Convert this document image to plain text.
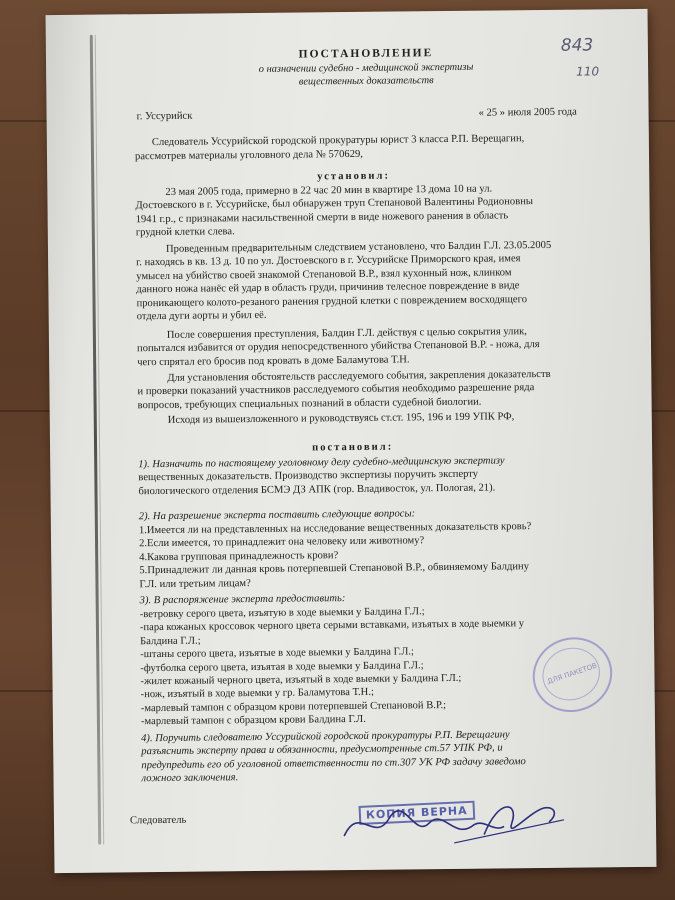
843
110
ПОСТАНОВЛЕНИЕ
о назначении судебно - медицинской экспертизы
вещественных доказательств
г. Уссурийск	« 25 » июля 2005 года
Следователь Уссурийской городской прокуратуры юрист 3 класса Р.П. Верещагин,
рассмотрев материалы уголовного дела № 570629,
установил:
23 мая 2005 года, примерно в 22 час 20 мин в квартире 13 дома 10 на ул.
Достоевского в г. Уссурийске, был обнаружен труп Степановой Валентины Родионовны
1941 г.р., с признаками насильственной смерти в виде ножевого ранения в область
грудной клетки слева.
Проведенным предварительным следствием установлено, что Балдин Г.Л. 23.05.2005
г. находясь в кв. 13 д. 10 по ул. Достоевского в г. Уссурийске Приморского края, имея
умысел на убийство своей знакомой Степановой В.Р., взял кухонный нож, клинком
данного ножа нанёс ей удар в область груди, причинив телесное повреждение в виде
проникающего колото-резаного ранения грудной клетки с повреждением восходящего
отдела дуги аорты и убил её.
После совершения преступления, Балдин Г.Л. действуя с целью сокрытия улик,
попытался избавится от орудия непосредственного убийства Степановой В.Р. - ножа, для
чего спрятал его бросив под кровать в доме Баламутова Т.Н.
Для установления обстоятельств расследуемого события, закрепления доказательств
и проверки показаний участников расследуемого события необходимо разрешение ряда
вопросов, требующих специальных познаний в области судебной биологии.
Исходя из вышеизложенного и руководствуясь ст.ст. 195, 196 и 199 УПК РФ,
постановил:
1). Назначить по настоящему уголовному делу судебно-медицинскую экспертизу
вещественных доказательств. Производство экспертизы поручить эксперту
биологического отделения БСМЭ ДЗ АПК (гор. Владивосток, ул. Пологая, 21).
2). На разрешение эксперта поставить следующие вопросы:
1.Имеется ли на представленных на исследование вещественных доказательств кровь?
2.Если имеется, то принадлежит она человеку или животному?
4.Какова групповая принадлежность крови?
5.Принадлежит ли данная кровь потерпевшей Степановой В.Р., обвиняемому Балдину
Г.Л. или третьим лицам?
3). В распоряжение эксперта предоставить:
-ветровку серого цвета, изъятую в ходе выемки у Балдина Г.Л.;
-пара кожаных кроссовок черного цвета серыми вставками, изъятых в ходе выемки у
Балдина Г.Л.;
-штаны серого цвета, изъятые в ходе выемки у Балдина Г.Л.;
-футболка серого цвета, изъятая в ходе выемки у Балдина Г.Л.;
-жилет кожаный черного цвета, изъятый в ходе выемки у Балдина Г.Л.;
-нож, изъятый в ходе выемки у гр. Баламутова Т.Н.;
-марлевый тампон с образцом крови потерпевшей Степановой В.Р.;
-марлевый тампон с образцом крови Балдина Г.Л.
4). Поручить следователю Уссурийской городской прокуратуры Р.П. Верещагину
разъяснить эксперту права и обязанности, предусмотренные ст.57 УПК РФ, и
предупредить его об уголовной ответственности по ст.307 УК РФ задачу заведомо
ложного заключения.
Следователь	КОПИЯ ВЕРНА
ДЛЯ ПАКЕТОВ
